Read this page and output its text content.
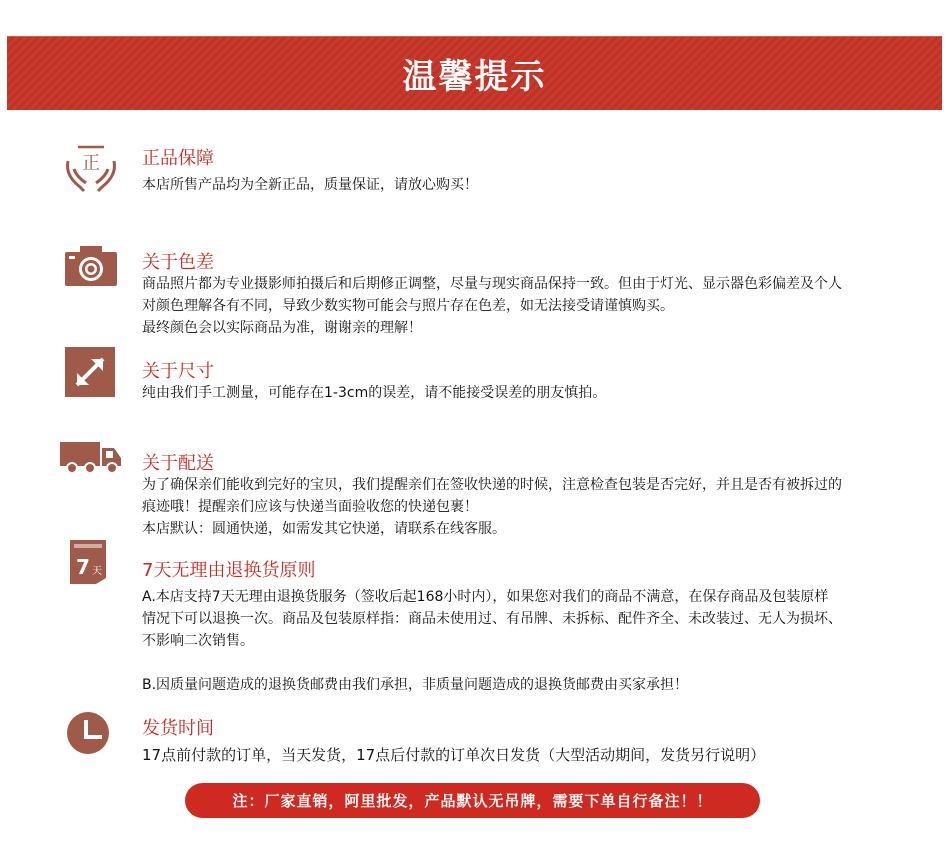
温馨提示
正 正品保障

本店所售产品均为全新正品，质量保证，请放心购买！

关于色差

商品照片都为专业摄影师拍摄后和后期修正调整，尽量与现实商品保持一致。但由于灯光、显示器色彩偏差及个人

对颜色理解各有不同，导致少数实物可能会与照片存在色差，如无法接受请谨慎购买。

最终颜色会以实际商品为准，谢谢亲的理解！

关于尺寸

纯由我们手工测量，可能存在1-3cm的误差，请不能接受误差的朋友慎拍。

关于配送

为了确保亲们能收到完好的宝贝，我们提醒亲们在签收快递的时候，注意检查包装是否完好，并且是否有被拆过的

痕迹哦！提醒亲们应该与快递当面验收您的快递包裹！

本店默认：圆通快递，如需发其它快递，请联系在线客服。

7 天 7天无理由退换货原则

A.本店支持7天无理由退换货服务（签收后起168小时内），如果您对我们的商品不满意，在保存商品及包装原样

情况下可以退换一次。商品及包装原样指：商品未使用过、有吊牌、未拆标、配件齐全、未改装过、无人为损坏、

不影响二次销售。

B.因质量问题造成的退换货邮费由我们承担，非质量问题造成的退换货邮费由买家承担！

发货时间

17点前付款的订单，当天发货，17点后付款的订单次日发货（大型活动期间，发货另行说明）

注：厂家直销，阿里批发，产品默认无吊牌，需要下单自行备注！！
